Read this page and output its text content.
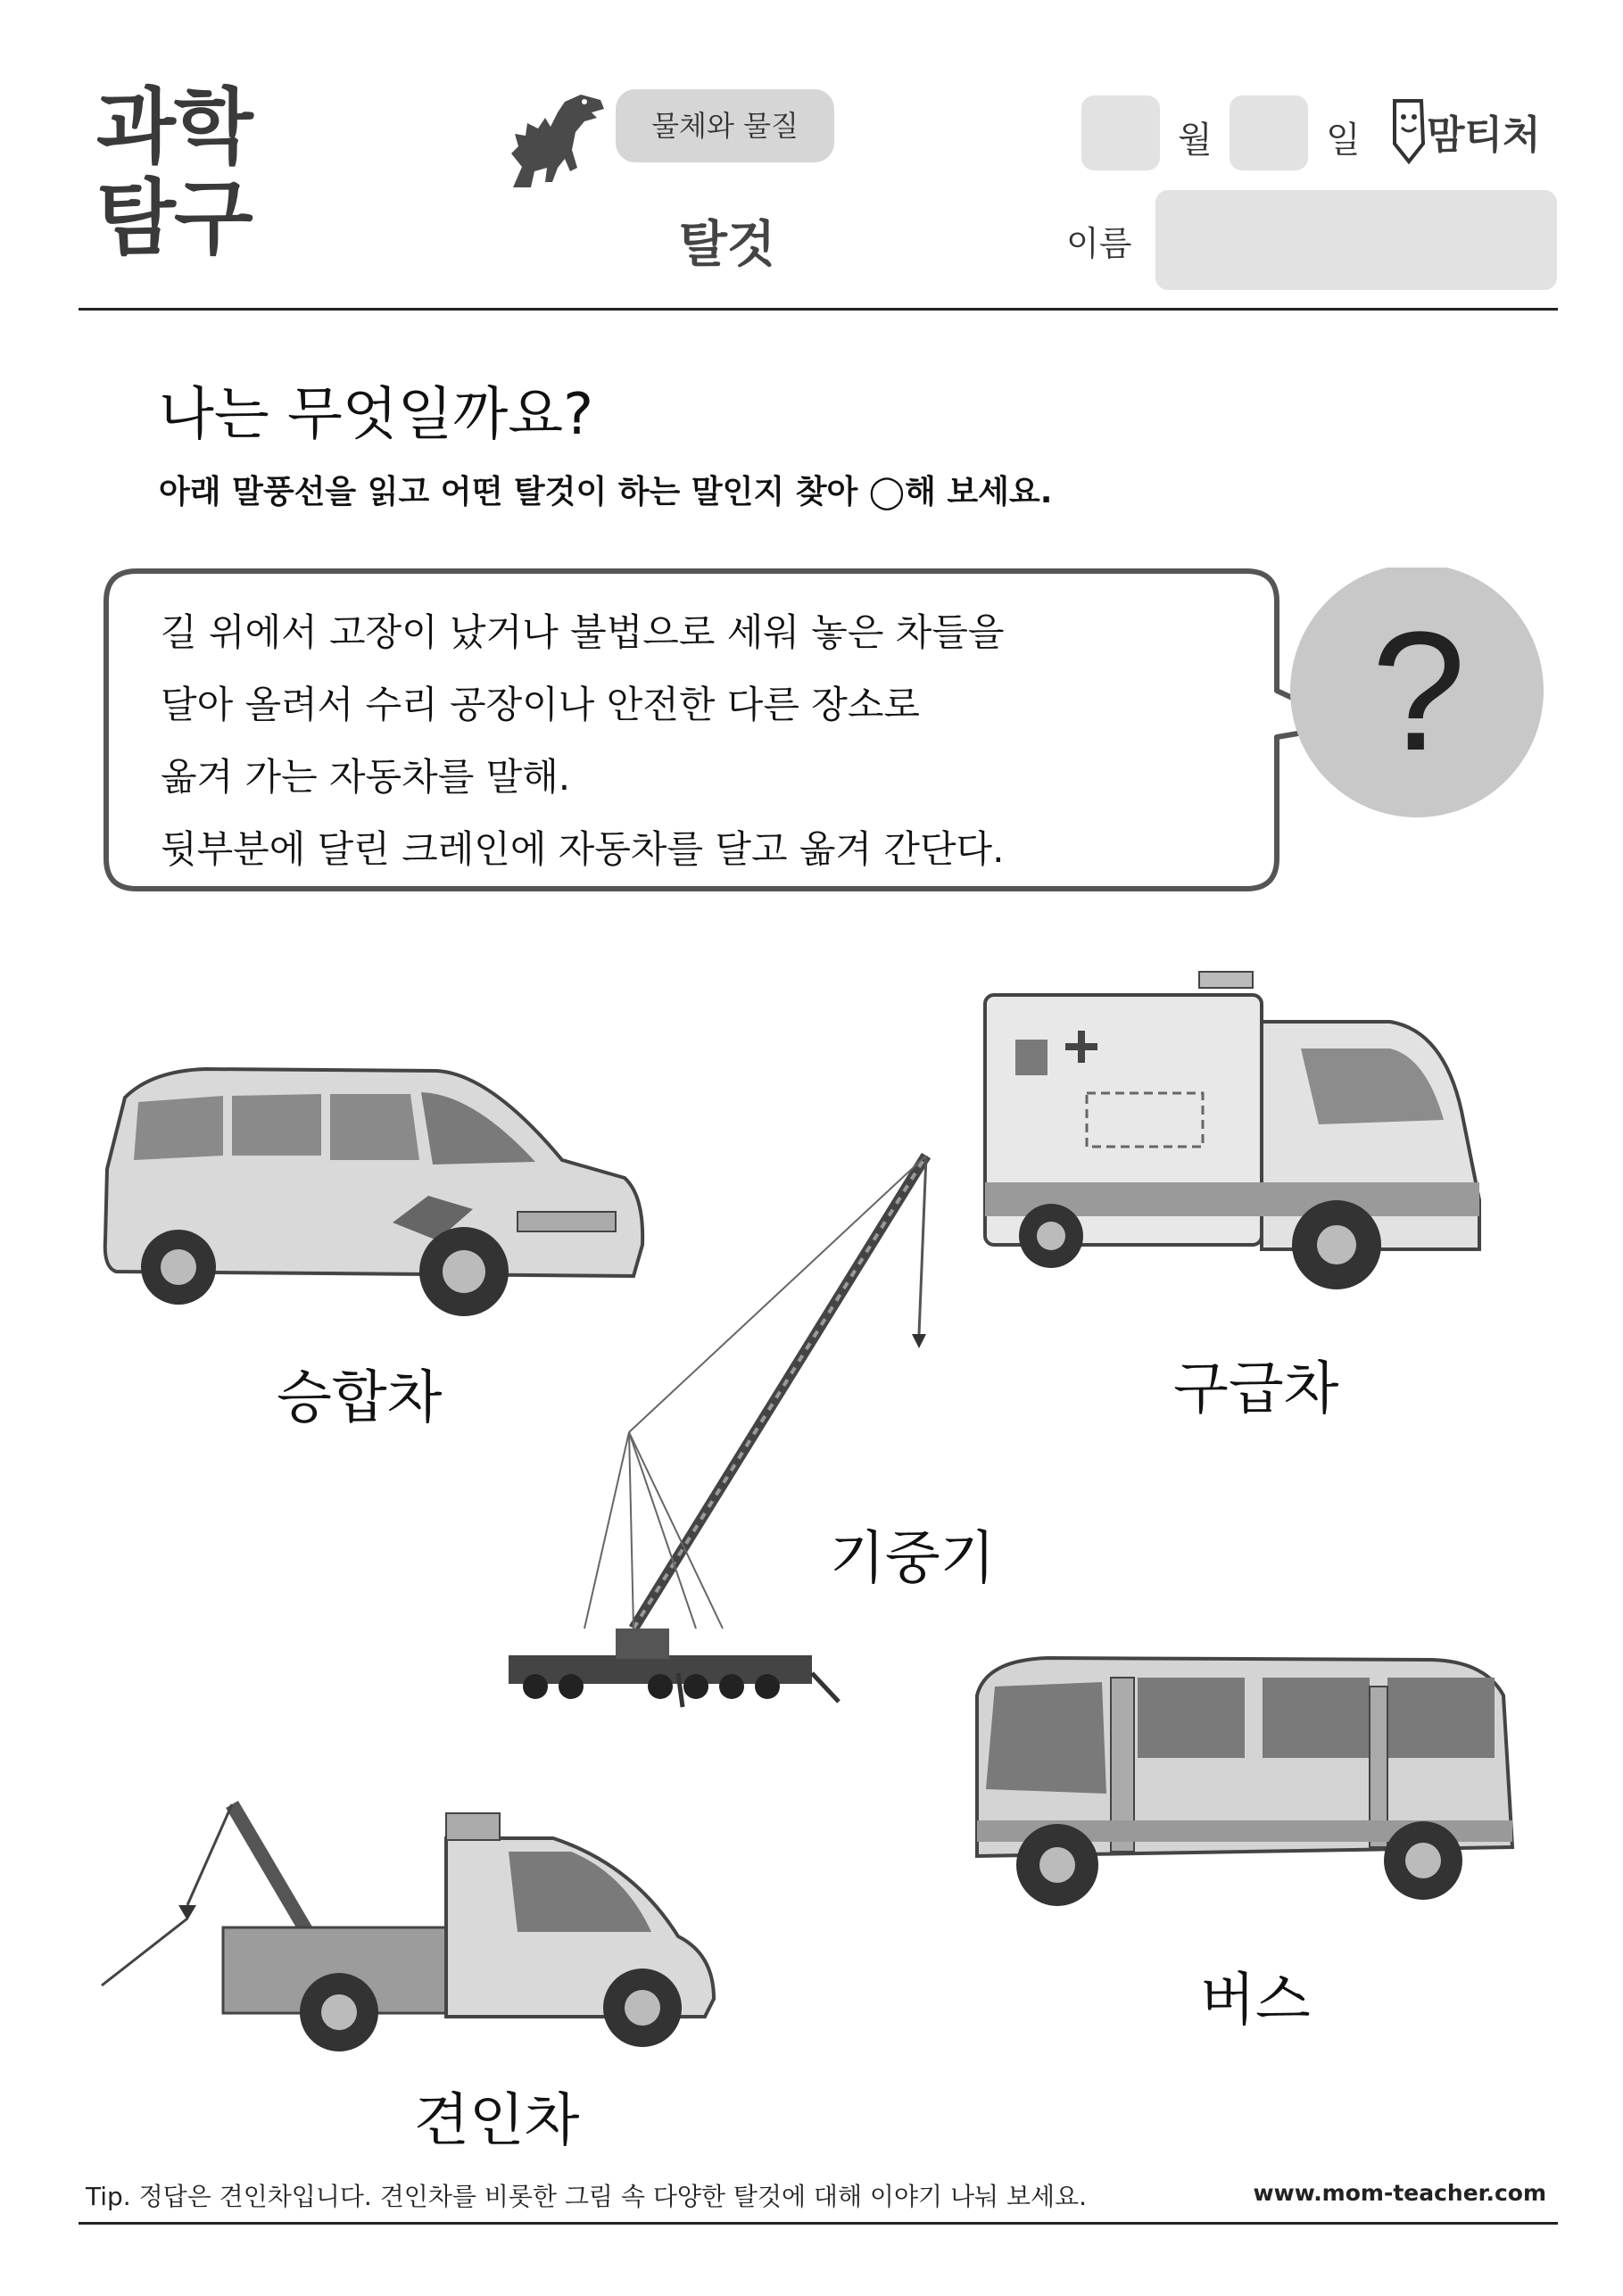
과학
탐구
물체와 물질
탈것
월	일 맘티처
이름
나는 무엇일까요?
아래 말풍선을 읽고 어떤 탈것이 하는 말인지 찾아 ◯해 보세요.
?
길 위에서 고장이 났거나 불법으로 세워 놓은 차들을
달아 올려서 수리 공장이나 안전한 다른 장소로
옮겨 가는 자동차를 말해.
뒷부분에 달린 크레인에 자동차를 달고 옮겨 간단다.
승합차	구급차
기중기
버스
견인차
Tip. 정답은 견인차입니다. 견인차를 비롯한 그림 속 다양한 탈것에 대해 이야기 나눠 보세요.	www.mom-teacher.com
